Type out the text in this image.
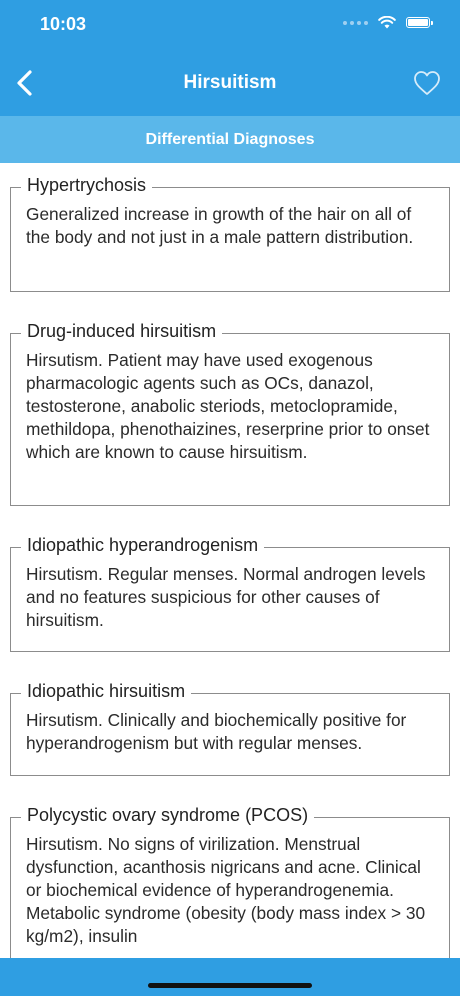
10:03
Hirsuitism
Differential Diagnoses
Hypertrychosis
Generalized increase in growth of the hair on all of the body and not just in a male pattern distribution.
Drug-induced hirsuitism
Hirsutism. Patient may have used exogenous pharmacologic agents such as OCs, danazol, testosterone, anabolic steriods, metoclopramide, methildopa, phenothaizines, reserprine prior to onset which are known to cause hirsuitism.
Idiopathic hyperandrogenism
Hirsutism. Regular menses. Normal androgen levels and no features suspicious for other causes of hirsuitism.
Idiopathic hirsuitism
Hirsutism. Clinically and biochemically positive for hyperandrogenism but with regular menses.
Polycystic ovary syndrome (PCOS)
Hirsutism. No signs of virilization. Menstrual dysfunction, acanthosis nigricans and acne. Clinical or biochemical evidence of hyperandrogenemia. Metabolic syndrome (obesity (body mass index > 30 kg/m2), insulin
